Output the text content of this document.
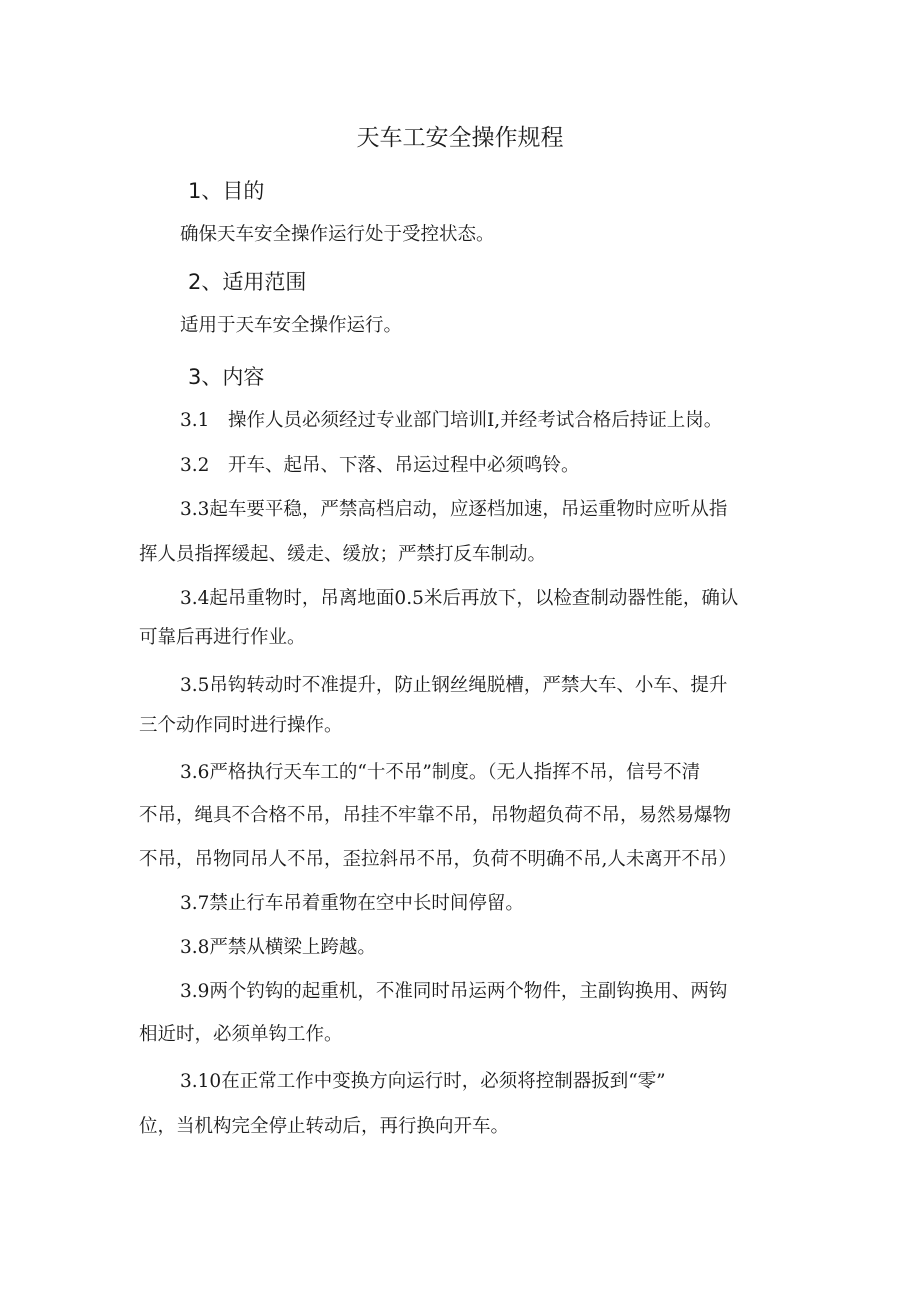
天车工安全操作规程
1、目的
确保天车安全操作运行处于受控状态。
2、适用范围
适用于天车安全操作运行。
3、内容
3.1 操作人员必须经过专业部门培训I,并经考试合格后持证上岗。
3.2 开车、起吊、下落、吊运过程中必须鸣铃。
3.3起车要平稳，严禁高档启动，应逐档加速，吊运重物时应听从指
挥人员指挥缓起、缓走、缓放；严禁打反车制动。
3.4起吊重物时，吊离地面0.5米后再放下，以检查制动器性能，确认
可靠后再进行作业。
3.5吊钩转动时不准提升，防止钢丝绳脱槽，严禁大车、小车、提升
三个动作同时进行操作。
3.6严格执行天车工的“十不吊”制度。（无人指挥不吊，信号不清
不吊，绳具不合格不吊，吊挂不牢靠不吊，吊物超负荷不吊，易然易爆物
不吊，吊物同吊人不吊，歪拉斜吊不吊，负荷不明确不吊,人未离开不吊）
3.7禁止行车吊着重物在空中长时间停留。
3.8严禁从横梁上跨越。
3.9两个钓钩的起重机，不准同时吊运两个物件，主副钩换用、两钩
相近时，必须单钩工作。
3.10在正常工作中变换方向运行时，必须将控制器扳到“零”
位，当机构完全停止转动后，再行换向开车。
